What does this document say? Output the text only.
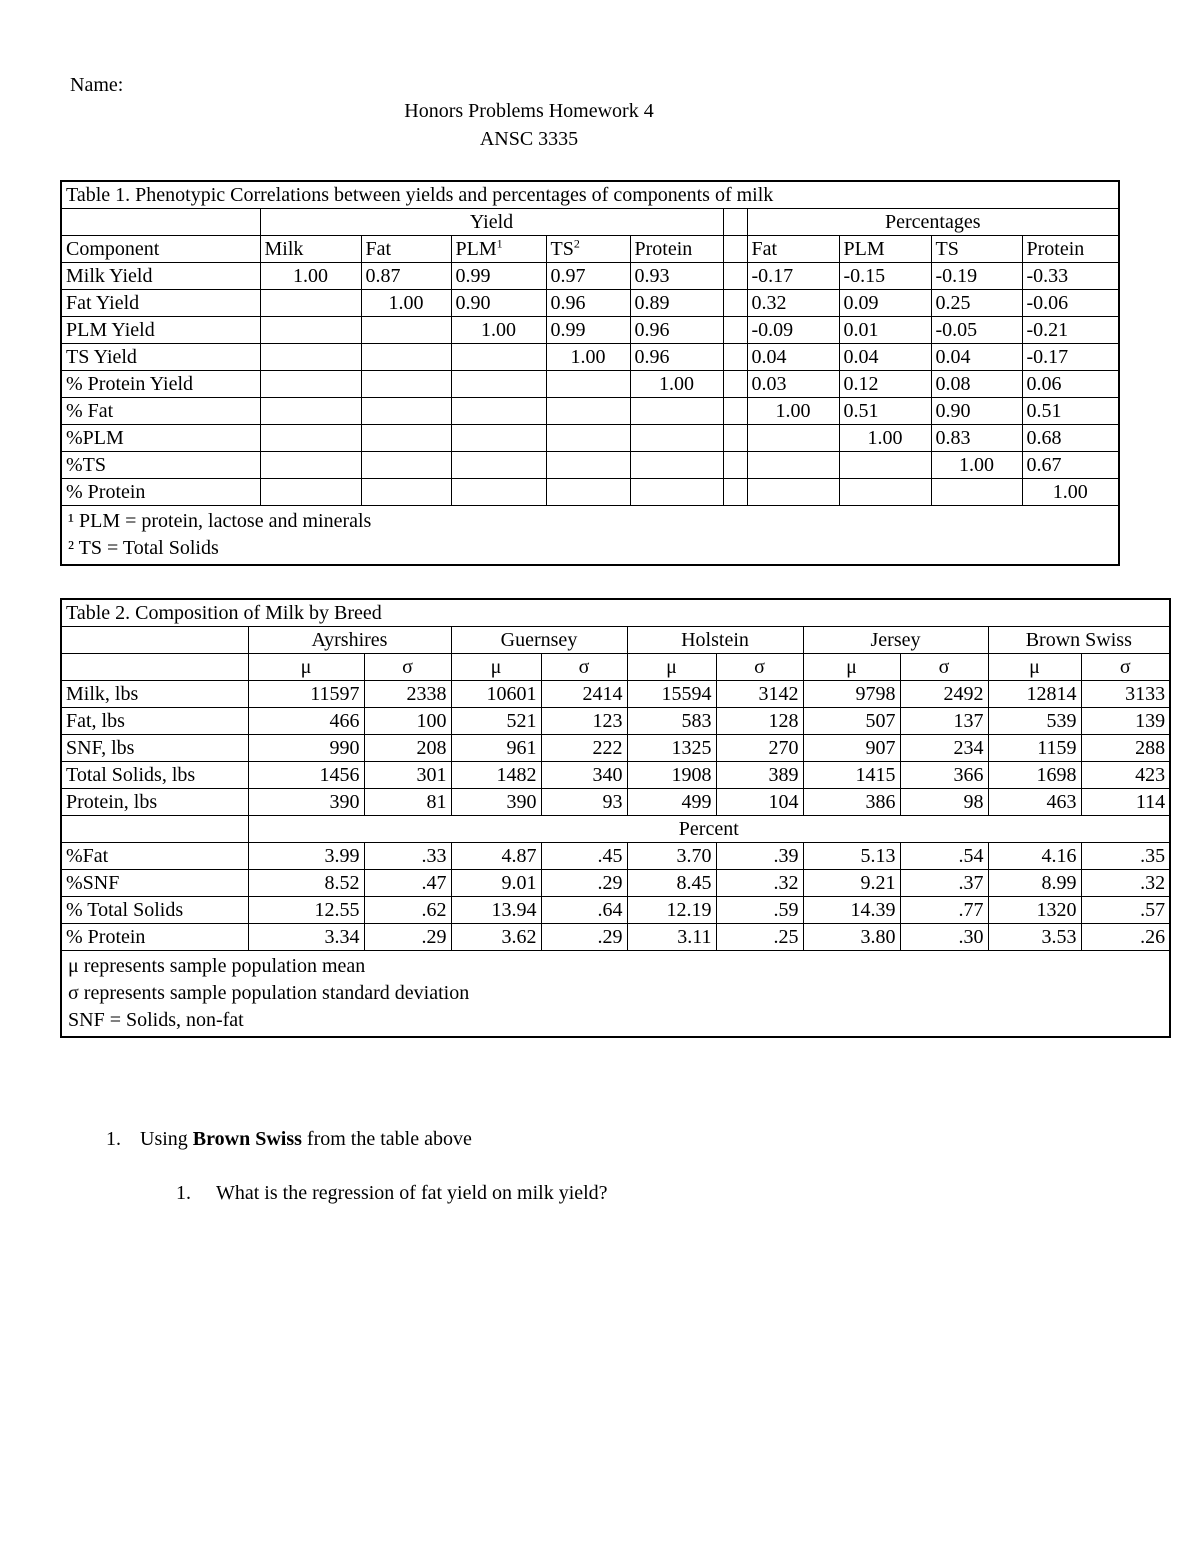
Name:
Honors Problems Homework 4
ANSC 3335
Table 1. Phenotypic Correlations between yields and percentages of components of milk										
	Yield						Percentages			
Component	Milk	Fat	PLM$^1$	$TS^2$	Protein		Fat	PLM	TS	Protein
Milk Yield	1.00	0.87	0.99	0.97	0.93		-0.17	-0.15	-0.19	-0.33
Fat Yield		1.00	0.90	0.96	0.89		0.32	0.09	0.25	-0.06
PLM Yield			1.00	0.99	0.96		-0.09	0.01	-0.05	-0.21
TS Yield				1.00	0.96		0.04	0.04	0.04	-0.17
% Protein Yield					1.00		0.03	0.12	0.08	0.06
% Fat							1.00	0.51	0.90	0.51
%PLM								1.00	0.83	0.68
%TS									1.00	0.67
% Protein										1.00

¹ PLM = protein, lactose and minerals
² TS = Total Solids										
Table 2. Composition of Milk by Breed										
	Ayrshires		Guernsey		Holstein		Jersey		Brown Swiss	
	μ	σ	μ	σ	μ	σ	μ	σ	μ	σ
Milk, lbs	11597	2338	10601	2414	15594	3142	9798	2492	12814	3133
Fat, lbs	466	100	521	123	583	128	507	137	539	139
SNF, lbs	990	208	961	222	1325	270	907	234	1159	288
Total Solids, lbs	1456	301	1482	340	1908	389	1415	366	1698	423
Protein, lbs	390	81	390	93	499	104	386	98	463	114
	Percent									
%Fat	3.99	.33	4.87	.45	3.70	.39	5.13	.54	4.16	.35
%SNF	8.52	.47	9.01	.29	8.45	.32	9.21	.37	8.99	.32
% Total Solids	12.55	.62	13.94	.64	12.19	.59	14.39	.77	1320	.57
% Protein	3.34	.29	3.62	.29	3.11	.25	3.80	.30	3.53	.26

μ represents sample population mean
σ represents sample population standard deviation
SNF = Solids, non-fat										
1. Using Brown Swiss from the table above
1. What is the regression of fat yield on milk yield?
